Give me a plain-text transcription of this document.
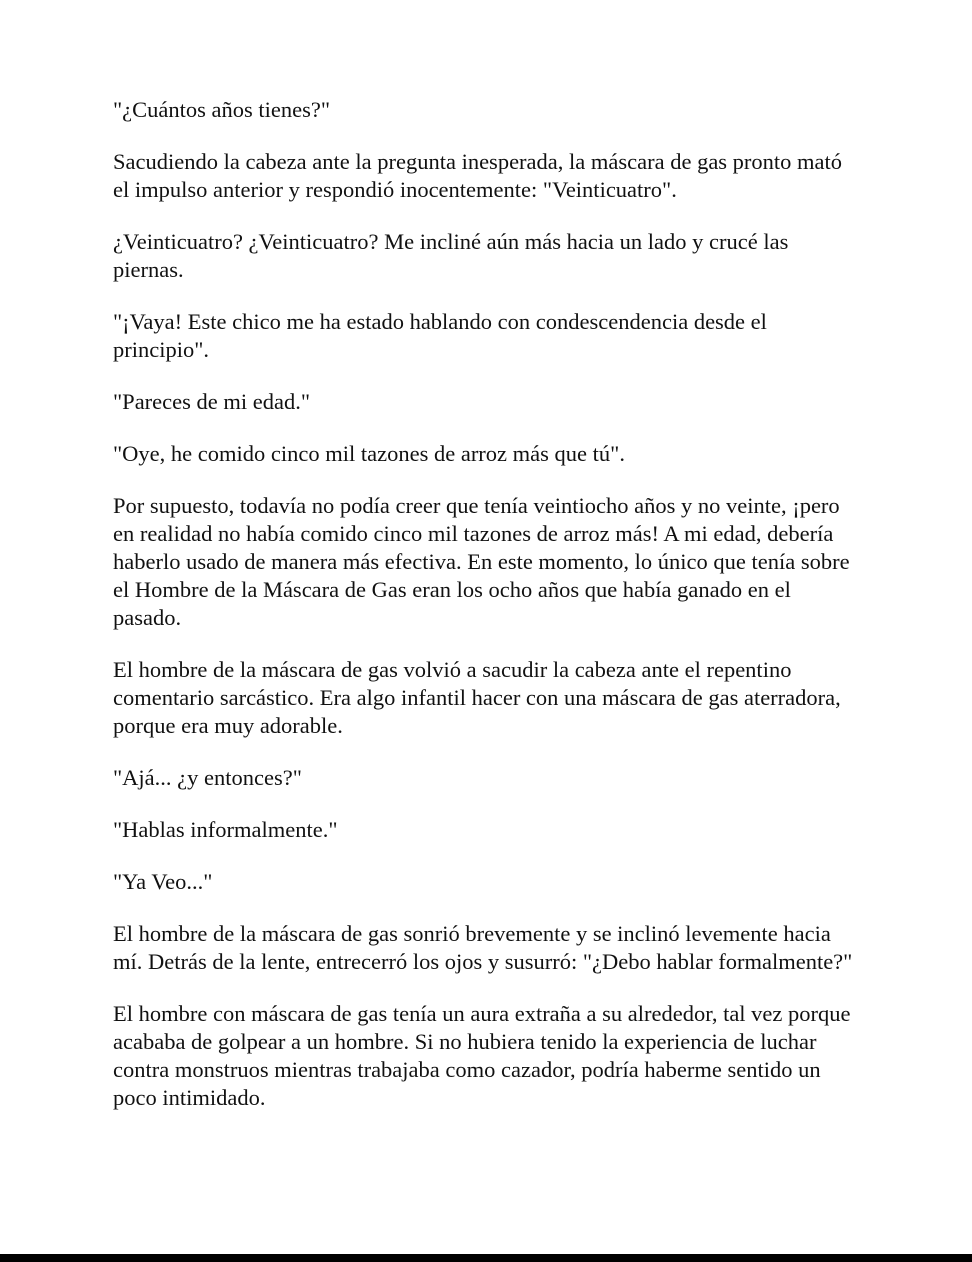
"¿Cuántos años tienes?"

Sacudiendo la cabeza ante la pregunta inesperada, la máscara de gas pronto mató el impulso anterior y respondió inocentemente: "Veinticuatro".

¿Veinticuatro? ¿Veinticuatro? Me incliné aún más hacia un lado y crucé las piernas.

"¡Vaya! Este chico me ha estado hablando con condescendencia desde el principio".

"Pareces de mi edad."

"Oye, he comido cinco mil tazones de arroz más que tú".

Por supuesto, todavía no podía creer que tenía veintiocho años y no veinte, ¡pero en realidad no había comido cinco mil tazones de arroz más! A mi edad, debería haberlo usado de manera más efectiva. En este momento, lo único que tenía sobre el Hombre de la Máscara de Gas eran los ocho años que había ganado en el pasado.

El hombre de la máscara de gas volvió a sacudir la cabeza ante el repentino comentario sarcástico. Era algo infantil hacer con una máscara de gas aterradora, porque era muy adorable.

"Ajá... ¿y entonces?"

"Hablas informalmente."

"Ya Veo..."

El hombre de la máscara de gas sonrió brevemente y se inclinó levemente hacia mí. Detrás de la lente, entrecerró los ojos y susurró: "¿Debo hablar formalmente?"

El hombre con máscara de gas tenía un aura extraña a su alrededor, tal vez porque acababa de golpear a un hombre. Si no hubiera tenido la experiencia de luchar contra monstruos mientras trabajaba como cazador, podría haberme sentido un poco intimidado.
